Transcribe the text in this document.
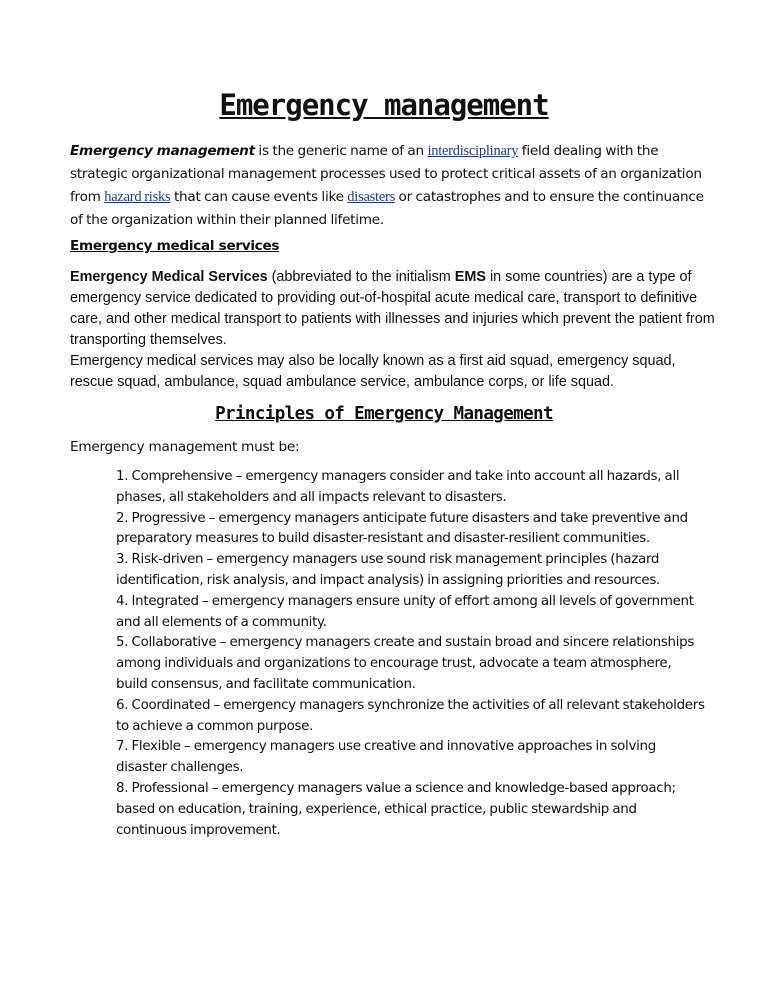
Emergency management

Emergency management is the generic name of an interdisciplinary field dealing with the strategic organizational management processes used to protect critical assets of an organization from hazard risks that can cause events like disasters or catastrophes and to ensure the continuance of the organization within their planned lifetime.

Emergency medical services

Emergency Medical Services (abbreviated to the initialism EMS in some countries) are a type of emergency service dedicated to providing out-of-hospital acute medical care, transport to definitive care, and other medical transport to patients with illnesses and injuries which prevent the patient from transporting themselves.

Emergency medical services may also be locally known as a first aid squad, emergency squad, rescue squad, ambulance, squad ambulance service, ambulance corps, or life squad.

Principles of Emergency Management

Emergency management must be:

1. Comprehensive – emergency managers consider and take into account all hazards, all phases, all stakeholders and all impacts relevant to disasters.
2. Progressive – emergency managers anticipate future disasters and take preventive and preparatory measures to build disaster-resistant and disaster-resilient communities.
3. Risk-driven – emergency managers use sound risk management principles (hazard identification, risk analysis, and impact analysis) in assigning priorities and resources.
4. Integrated – emergency managers ensure unity of effort among all levels of government and all elements of a community.
5. Collaborative – emergency managers create and sustain broad and sincere relationships among individuals and organizations to encourage trust, advocate a team atmosphere, build consensus, and facilitate communication.
6. Coordinated – emergency managers synchronize the activities of all relevant stakeholders to achieve a common purpose.
7. Flexible – emergency managers use creative and innovative approaches in solving disaster challenges.
8. Professional – emergency managers value a science and knowledge-based approach; based on education, training, experience, ethical practice, public stewardship and continuous improvement.
